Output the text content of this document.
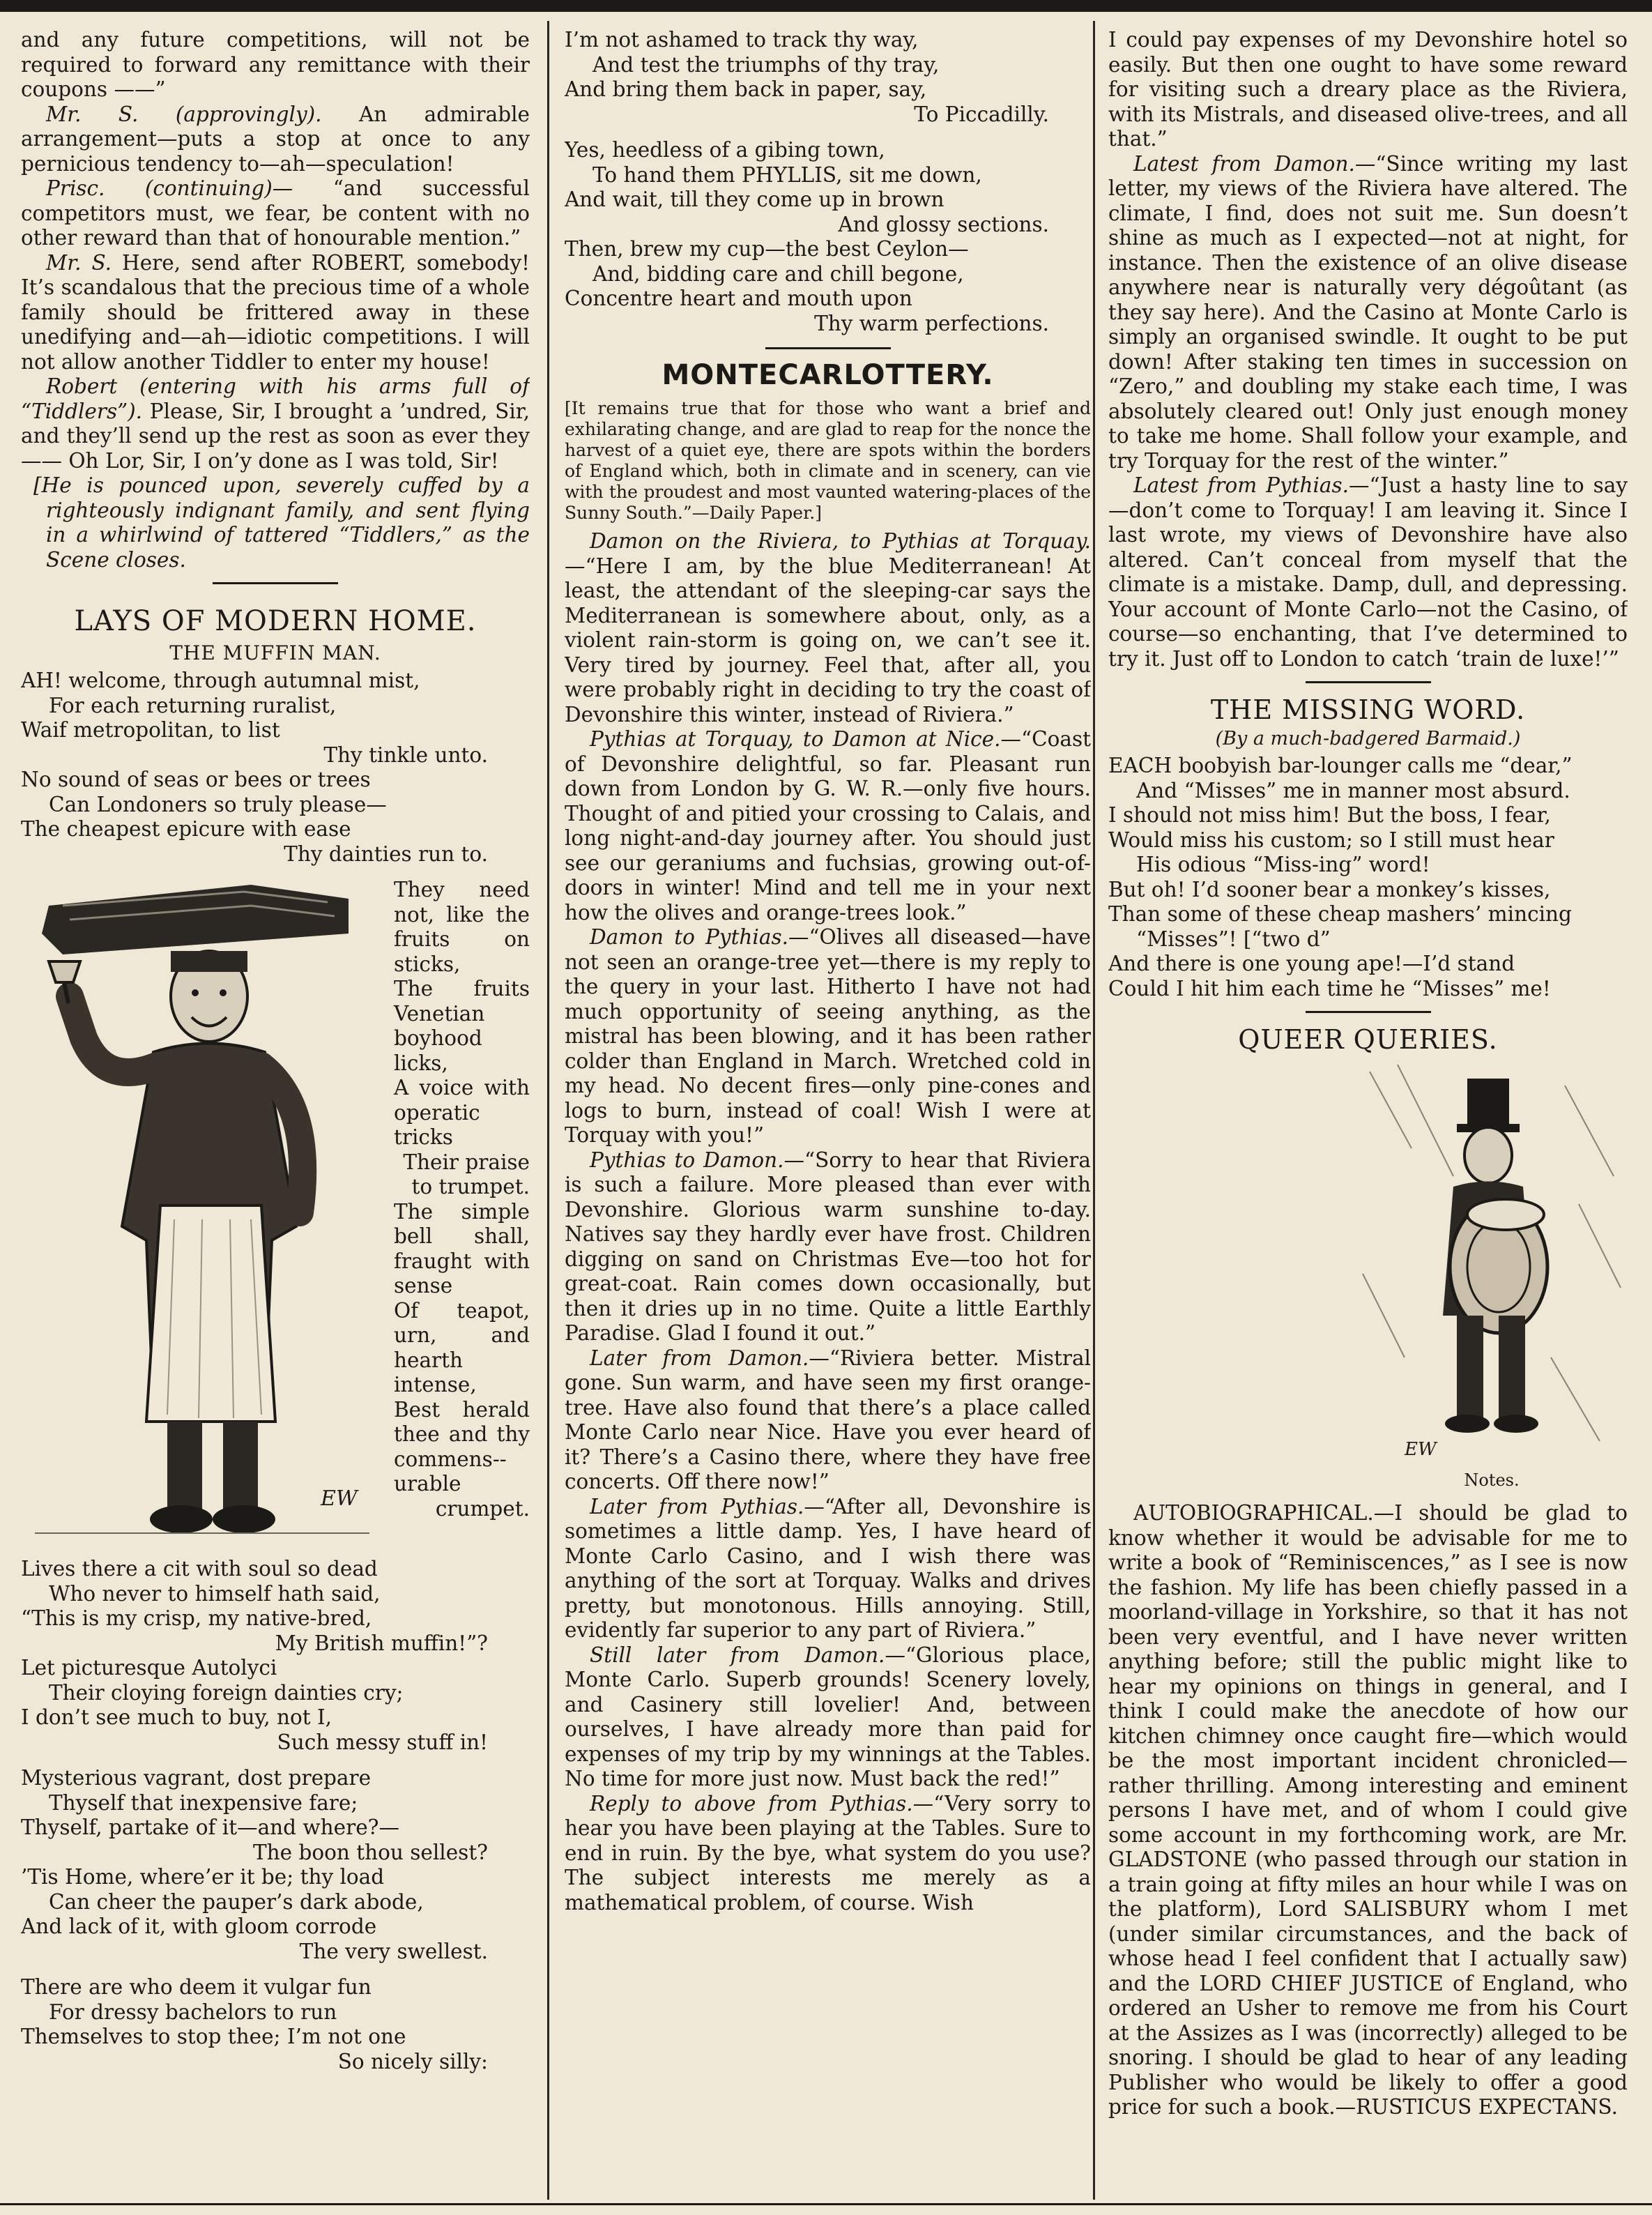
and any future competitions, will not be required to forward any remittance with their coupons ——”

Mr. S. (approvingly). An admirable arrangement—puts a stop at once to any pernicious tendency to—ah—speculation!

Prisc. (continuing)— “and successful competitors must, we fear, be content with no other reward than that of honourable mention.”

Mr. S. Here, send after ROBERT, somebody! It’s scandalous that the precious time of a whole family should be frittered away in these unedifying and—ah—idiotic competitions. I will not allow another Tiddler to enter my house!

Robert (entering with his arms full of “Tiddlers”). Please, Sir, I brought a ’undred, Sir, and they’ll send up the rest as soon as ever they—— Oh Lor, Sir, I on’y done as I was told, Sir!

[He is pounced upon, severely cuffed by a righteously indignant family, and sent flying in a whirlwind of tattered “Tiddlers,” as the Scene closes.

LAYS OF MODERN HOME.
THE MUFFIN MAN.
AH! welcome, through autumnal mist,
For each returning ruralist,
Waif metropolitan, to list
Thy tinkle unto.
No sound of seas or bees or trees
Can Londoners so truly please—
The cheapest epicure with ease
Thy dainties run to.
EW

They need not, like the fruits on sticks,

The fruits Venetian boyhood licks,

A voice with operatic tricks

Their praise to trumpet.

The simple bell shall, fraught with sense

Of teapot, urn, and hearth intense,

Best herald thee and thy commens--urable

crumpet.

Lives there a cit with soul so dead
Who never to himself hath said,
“This is my crisp, my native-bred,
My British muffin!”?
Let picturesque Autolyci
Their cloying foreign dainties cry;
I don’t see much to buy, not I,
Such messy stuff in!
Mysterious vagrant, dost prepare
Thyself that inexpensive fare;
Thyself, partake of it—and where?—
The boon thou sellest?
’Tis Home, where’er it be; thy load
Can cheer the pauper’s dark abode,
And lack of it, with gloom corrode
The very swellest.
There are who deem it vulgar fun
For dressy bachelors to run
Themselves to stop thee; I’m not one
So nicely silly:
I’m not ashamed to track thy way,
And test the triumphs of thy tray,
And bring them back in paper, say,
To Piccadilly.
Yes, heedless of a gibing town,
To hand them PHYLLIS, sit me down,
And wait, till they come up in brown
And glossy sections.
Then, brew my cup—the best Ceylon—
And, bidding care and chill begone,
Concentre heart and mouth upon
Thy warm perfections.
MONTECARLOTTERY.

[It remains true that for those who want a brief and exhilarating change, and are glad to reap for the nonce the harvest of a quiet eye, there are spots within the borders of England which, both in climate and in scenery, can vie with the proudest and most vaunted watering-places of the Sunny South.”—Daily Paper.]

Damon on the Riviera, to Pythias at Torquay.—“Here I am, by the blue Mediterranean! At least, the attendant of the sleeping-car says the Mediterranean is somewhere about, only, as a violent rain-storm is going on, we can’t see it. Very tired by journey. Feel that, after all, you were probably right in deciding to try the coast of Devonshire this winter, instead of Riviera.”

Pythias at Torquay, to Damon at Nice.—“Coast of Devonshire delightful, so far. Pleasant run down from London by G. W. R.—only five hours. Thought of and pitied your crossing to Calais, and long night-and-day journey after. You should just see our geraniums and fuchsias, growing out-of-doors in winter! Mind and tell me in your next how the olives and orange-trees look.”

Damon to Pythias.—“Olives all diseased—have not seen an orange-tree yet—there is my reply to the query in your last. Hitherto I have not had much opportunity of seeing anything, as the mistral has been blowing, and it has been rather colder than England in March. Wretched cold in my head. No decent fires—only pine-cones and logs to burn, instead of coal! Wish I were at Torquay with you!”

Pythias to Damon.—“Sorry to hear that Riviera is such a failure. More pleased than ever with Devonshire. Glorious warm sunshine to-day. Natives say they hardly ever have frost. Children digging on sand on Christmas Eve—too hot for great-coat. Rain comes down occasionally, but then it dries up in no time. Quite a little Earthly Paradise. Glad I found it out.”

Later from Damon.—“Riviera better. Mistral gone. Sun warm, and have seen my first orange-tree. Have also found that there’s a place called Monte Carlo near Nice. Have you ever heard of it? There’s a Casino there, where they have free concerts. Off there now!”

Later from Pythias.—“After all, Devonshire is sometimes a little damp. Yes, I have heard of Monte Carlo Casino, and I wish there was anything of the sort at Torquay. Walks and drives pretty, but monotonous. Hills annoying. Still, evidently far superior to any part of Riviera.”

Still later from Damon.—“Glorious place, Monte Carlo. Superb grounds! Scenery lovely, and Casinery still lovelier! And, between ourselves, I have already more than paid for expenses of my trip by my winnings at the Tables. No time for more just now. Must back the red!”

Reply to above from Pythias.—“Very sorry to hear you have been playing at the Tables. Sure to end in ruin. By the bye, what system do you use? The subject interests me merely as a mathematical problem, of course. Wish

I could pay expenses of my Devonshire hotel so easily. But then one ought to have some reward for visiting such a dreary place as the Riviera, with its Mistrals, and diseased olive-trees, and all that.”

Latest from Damon.—“Since writing my last letter, my views of the Riviera have altered. The climate, I find, does not suit me. Sun doesn’t shine as much as I expected—not at night, for instance. Then the existence of an olive disease anywhere near is naturally very dégoûtant (as they say here). And the Casino at Monte Carlo is simply an organised swindle. It ought to be put down! After staking ten times in succession on “Zero,” and doubling my stake each time, I was absolutely cleared out! Only just enough money to take me home. Shall follow your example, and try Torquay for the rest of the winter.”

Latest from Pythias.—“Just a hasty line to say—don’t come to Torquay! I am leaving it. Since I last wrote, my views of Devonshire have also altered. Can’t conceal from myself that the climate is a mistake. Damp, dull, and depressing. Your account of Monte Carlo—not the Casino, of course—so enchanting, that I’ve determined to try it. Just off to London to catch ‘train de luxe!’”

THE MISSING WORD.
(By a much-badgered Barmaid.)
EACH boobyish bar-lounger calls me “dear,”
And “Misses” me in manner most absurd.
I should not miss him! But the boss, I fear,
Would miss his custom; so I still must hear
His odious “Miss-ing” word!
But oh! I’d sooner bear a monkey’s kisses,
Than some of these cheap mashers’ mincing
“Misses”! [“two d”
And there is one young ape!—I’d stand
Could I hit him each time he “Misses” me!
QUEER QUERIES.
EW
Notes.

AUTOBIOGRAPHICAL.—I should be glad to know whether it would be advisable for me to write a book of “Reminiscences,” as I see is now the fashion. My life has been chiefly passed in a moorland-village in Yorkshire, so that it has not been very eventful, and I have never written anything before; still the public might like to hear my opinions on things in general, and I think I could make the anecdote of how our kitchen chimney once caught fire—which would be the most important incident chronicled—rather thrilling. Among interesting and eminent persons I have met, and of whom I could give some account in my forthcoming work, are Mr. GLADSTONE (who passed through our station in a train going at fifty miles an hour while I was on the platform), Lord SALISBURY whom I met (under similar circumstances, and the back of whose head I feel confident that I actually saw) and the LORD CHIEF JUSTICE of England, who ordered an Usher to remove me from his Court at the Assizes as I was (incorrectly) alleged to be snoring. I should be glad to hear of any leading Publisher who would be likely to offer a good price for such a book.—RUSTICUS EXPECTANS.
